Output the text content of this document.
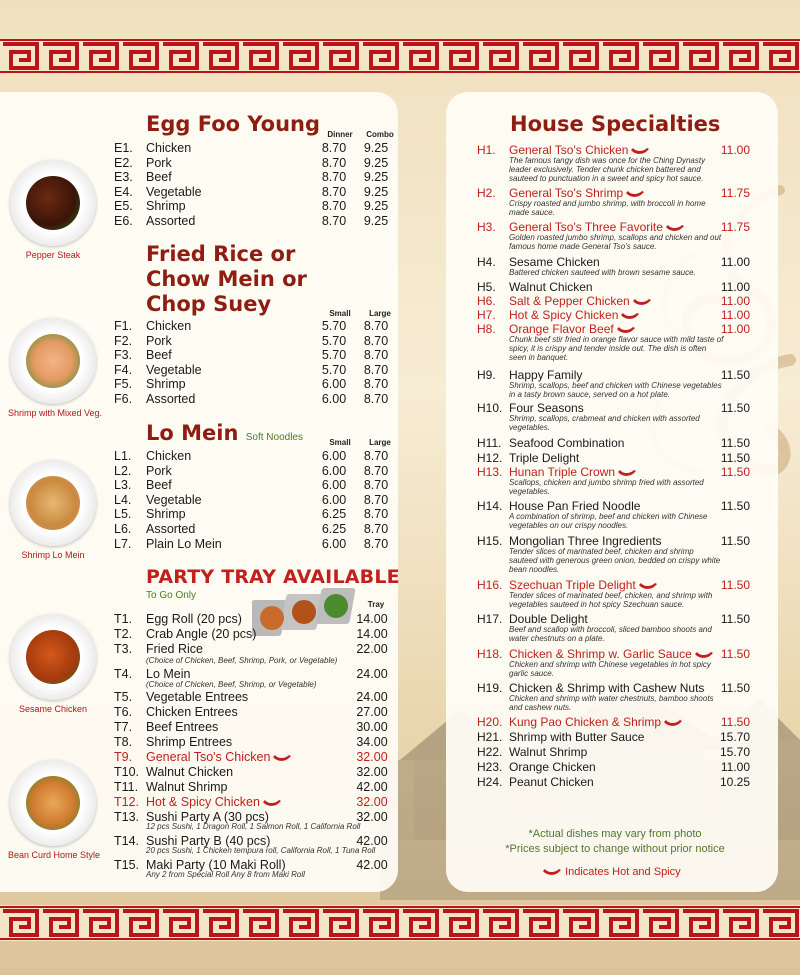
Pepper Steak
Shrimp with Mixed Veg.
Shrimp Lo Mein
Sesame Chicken
Bean Curd Home Style
Egg Foo Young Dinner	Combo
E1. Chicken	8.70	9.25
E2. Pork	8.70	9.25
E3. Beef	8.70	9.25
E4. Vegetable	8.70	9.25
E5. Shrimp	8.70	9.25
E6. Assorted	8.70	9.25
Fried Rice or
Chow Mein or
Chop Suey	Small	Large
F1. Chicken	5.70	8.70
F2. Pork	5.70	8.70
F3. Beef	5.70	8.70
F4. Vegetable	5.70	8.70
F5. Shrimp	6.00	8.70
F6. Assorted	6.00	8.70
Lo Mein Soft Noodles	Small	Large
L1. Chicken	6.00	8.70
L2. Pork	6.00	8.70
L3. Beef	6.00	8.70
L4. Vegetable	6.00	8.70
L5. Shrimp	6.25	8.70
L6. Assorted	6.25	8.70
L7. Plain Lo Mein	6.00	8.70
PARTY TRAY AVAILABLE
To Go Only
Tray
T1. Egg Roll (20 pcs)	14.00
T2. Crab Angle (20 pcs)	14.00
T3. Fried Rice	22.00
T4. Lo Mein	24.00
T5. Vegetable Entrees	24.00
T6. Chicken Entrees	27.00
T7. Beef Entrees	30.00
T8. Shrimp Entrees	34.00
T9. General Tso's Chicken	32.00
T10. Walnut Chicken	32.00
T11. Walnut Shrimp	42.00
T12. Hot & Spicy Chicken	32.00
T13. Sushi Party A (30 pcs)	32.00
T14. Sushi Party B (40 pcs)	42.00
T15. Maki Party (10 Maki Roll)	42.00
(Choice of Chicken, Beef, Shrimp, Pork, or Vegetable)
(Choice of Chicken, Beef, Shrimp, or Vegetable)
12 pcs Sushi, 1 Dragon Roll, 1 Salmon Roll, 1 California Roll
20 pcs Sushi, 1 Chicken tempura roll, California Roll, 1 Tuna Roll
Any 2 from Special Roll Any 8 from Maki Roll
House Specialties
H1. General Tso's Chicken	11.00
The famous tangy dish was once for the Ching Dynasty leader exclusively. Tender chunk chicken battered and sauteed to punctuation in a sweet and spicy hot sauce.
H2. General Tso's Shrimp	11.75
Crispy roasted and jumbo shrimp, with broccoli in home made sauce.
H3. General Tso's Three Favorite	11.75
Golden roasted jumbo shrimp, scallops and chicken and out famous home made General Tso's sauce.
H4. Sesame Chicken	11.00
Battered chicken sauteed with brown sesame sauce.
H5. Walnut Chicken	11.00
H6. Salt & Pepper Chicken	11.00
H7. Hot & Spicy Chicken	11.00
H8. Orange Flavor Beef	11.00
Chunk beef stir fried in orange flavor sauce with mild taste of spicy, it is crispy and tender inside out. The dish is often seen in banquet.
H9. Happy Family	11.50
Shrimp, scallops, beef and chicken with Chinese vegetables in a tasty brown sauce, served on a hot plate.
H10. Four Seasons	11.50
Shrimp, scallops, crabmeat and chicken with assorted vegetables.
H11. Seafood Combination	11.50
H12. Triple Delight	11.50
H13. Hunan Triple Crown	11.50
Scallops, chicken and jumbo shrimp fried with assorted vegetables.
H14. House Pan Fried Noodle	11.50
A combination of shrimp, beef and chicken with Chinese vegetables on our crispy noodles.
H15. Mongolian Three Ingredients	11.50
Tender slices of marinated beef, chicken and shrimp sauteed with generous green onion, bedded on crispy white bean noodles.
H16. Szechuan Triple Delight	11.50
Tender slices of marinated beef, chicken, and shrimp with vegetables sauteed in hot spicy Szechuan sauce.
H17. Double Delight	11.50
Beef and scallop with broccoli, sliced bamboo shoots and water chestnuts on a plate.
H18. Chicken & Shrimp w. Garlic Sauce	11.50
Chicken and shrimp with Chinese vegetables in hot spicy garlic sauce.
H19. Chicken & Shrimp with Cashew Nuts 11.50
Chicken and shrimp with water chestnuts, bamboo shoots and cashew nuts.
H20. Kung Pao Chicken & Shrimp	11.50
H21. Shrimp with Butter Sauce	15.70
H22. Walnut Shrimp	15.70
H23. Orange Chicken	11.00
H24. Peanut Chicken	10.25
*Actual dishes may vary from photo
*Prices subject to change without prior notice
Indicates Hot and Spicy
